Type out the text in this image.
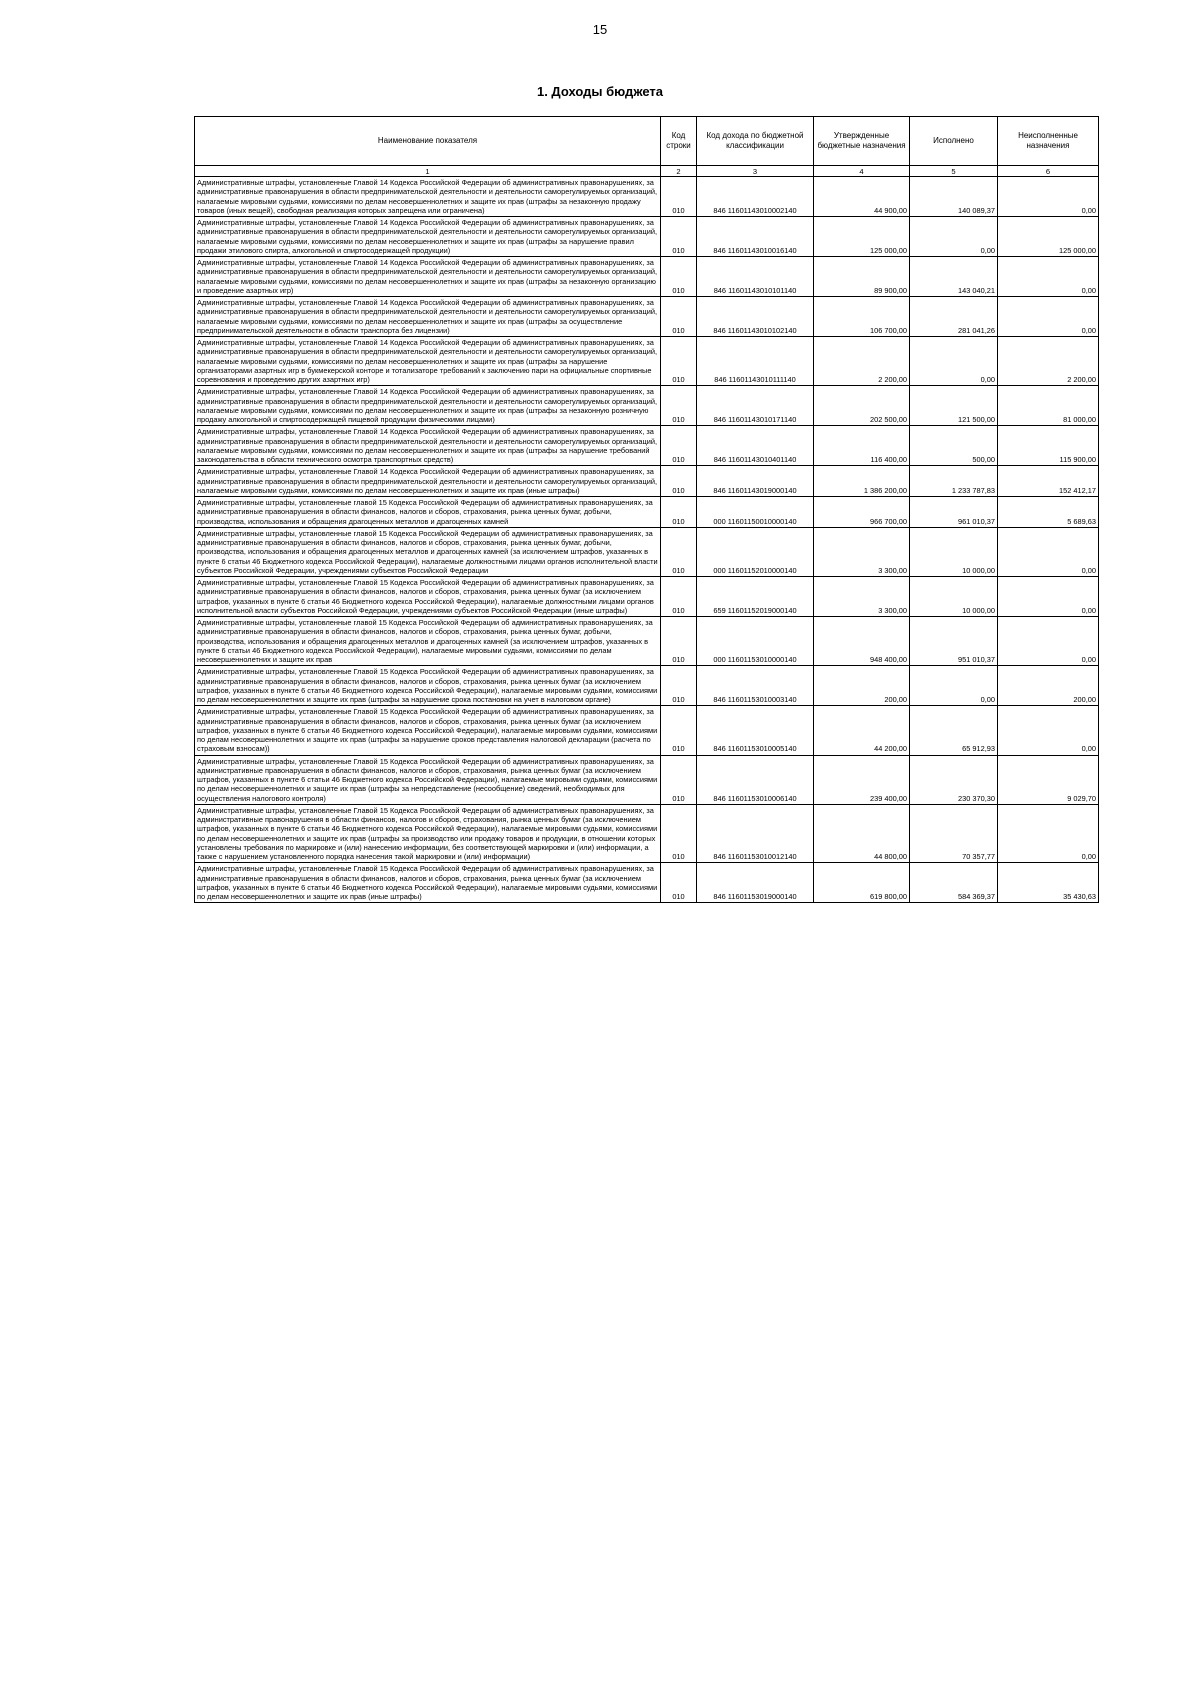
15
1. Доходы бюджета
Наименование показателя	Код строки	Код дохода по бюджетной классификации	Утвержденные бюджетные назначения	Исполнено	Неисполненные назначения
1	2	3	4	5	6
Административные штрафы, установленные Главой 14 Кодекса Российской Федерации об административных правонарушениях, за административные правонарушения в области предпринимательской деятельности и деятельности саморегулируемых организаций, налагаемые мировыми судьями, комиссиями по делам несовершеннолетних и защите их прав (штрафы за незаконную продажу товаров (иных вещей), свободная реализация которых запрещена или ограничена)	010	846 11601143010002140	44 900,00	140 089,37	0,00
Административные штрафы, установленные Главой 14 Кодекса Российской Федерации об административных правонарушениях, за административные правонарушения в области предпринимательской деятельности и деятельности саморегулируемых организаций, налагаемые мировыми судьями, комиссиями по делам несовершеннолетних и защите их прав (штрафы за нарушение правил продажи этилового спирта, алкогольной и спиртосодержащей продукции)	010	846 11601143010016140	125 000,00	0,00	125 000,00
Административные штрафы, установленные Главой 14 Кодекса Российской Федерации об административных правонарушениях, за административные правонарушения в области предпринимательской деятельности и деятельности саморегулируемых организаций, налагаемые мировыми судьями, комиссиями по делам несовершеннолетних и защите их прав (штрафы за незаконную организацию и проведение азартных игр)	010	846 11601143010101140	89 900,00	143 040,21	0,00
Административные штрафы, установленные Главой 14 Кодекса Российской Федерации об административных правонарушениях, за административные правонарушения в области предпринимательской деятельности и деятельности саморегулируемых организаций, налагаемые мировыми судьями, комиссиями по делам несовершеннолетних и защите их прав (штрафы за осуществление предпринимательской деятельности в области транспорта без лицензии)	010	846 11601143010102140	106 700,00	281 041,26	0,00
Административные штрафы, установленные Главой 14 Кодекса Российской Федерации об административных правонарушениях, за административные правонарушения в области предпринимательской деятельности и деятельности саморегулируемых организаций, налагаемые мировыми судьями, комиссиями по делам несовершеннолетних и защите их прав (штрафы за нарушение организаторами азартных игр в букмекерской конторе и тотализаторе требований к заключению пари на официальные спортивные соревнования и проведению других азартных игр)	010	846 11601143010111140	2 200,00	0,00	2 200,00
Административные штрафы, установленные Главой 14 Кодекса Российской Федерации об административных правонарушениях, за административные правонарушения в области предпринимательской деятельности и деятельности саморегулируемых организаций, налагаемые мировыми судьями, комиссиями по делам несовершеннолетних и защите их прав (штрафы за незаконную розничную продажу алкогольной и спиртосодержащей пищевой продукции физическими лицами)	010	846 11601143010171140	202 500,00	121 500,00	81 000,00
Административные штрафы, установленные Главой 14 Кодекса Российской Федерации об административных правонарушениях, за административные правонарушения в области предпринимательской деятельности и деятельности саморегулируемых организаций, налагаемые мировыми судьями, комиссиями по делам несовершеннолетних и защите их прав (штрафы за нарушение требований законодательства в области технического осмотра транспортных средств)	010	846 11601143010401140	116 400,00	500,00	115 900,00
Административные штрафы, установленные Главой 14 Кодекса Российской Федерации об административных правонарушениях, за административные правонарушения в области предпринимательской деятельности и деятельности саморегулируемых организаций, налагаемые мировыми судьями, комиссиями по делам несовершеннолетних и защите их прав (иные штрафы)	010	846 11601143019000140	1 386 200,00	1 233 787,83	152 412,17
Административные штрафы, установленные главой 15 Кодекса Российской Федерации об административных правонарушениях, за административные правонарушения в области финансов, налогов и сборов, страхования, рынка ценных бумаг, добычи, производства, использования и обращения драгоценных металлов и драгоценных камней	010	000 11601150010000140	966 700,00	961 010,37	5 689,63
Административные штрафы, установленные главой 15 Кодекса Российской Федерации об административных правонарушениях, за административные правонарушения в области финансов, налогов и сборов, страхования, рынка ценных бумаг, добычи, производства, использования и обращения драгоценных металлов и драгоценных камней (за исключением штрафов, указанных в пункте 6 статьи 46 Бюджетного кодекса Российской Федерации), налагаемые должностными лицами органов исполнительной власти субъектов Российской Федерации, учреждениями субъектов Российской Федерации	010	000 11601152010000140	3 300,00	10 000,00	0,00
Административные штрафы, установленные Главой 15 Кодекса Российской Федерации об административных правонарушениях, за административные правонарушения в области финансов, налогов и сборов, страхования, рынка ценных бумаг (за исключением штрафов, указанных в пункте 6 статьи 46 Бюджетного кодекса Российской Федерации), налагаемые должностными лицами органов исполнительной власти субъектов Российской Федерации, учреждениями субъектов Российской Федерации (иные штрафы)	010	659 11601152019000140	3 300,00	10 000,00	0,00
Административные штрафы, установленные главой 15 Кодекса Российской Федерации об административных правонарушениях, за административные правонарушения в области финансов, налогов и сборов, страхования, рынка ценных бумаг, добычи, производства, использования и обращения драгоценных металлов и драгоценных камней (за исключением штрафов, указанных в пункте 6 статьи 46 Бюджетного кодекса Российской Федерации), налагаемые мировыми судьями, комиссиями по делам несовершеннолетних и защите их прав	010	000 11601153010000140	948 400,00	951 010,37	0,00
Административные штрафы, установленные Главой 15 Кодекса Российской Федерации об административных правонарушениях, за административные правонарушения в области финансов, налогов и сборов, страхования, рынка ценных бумаг (за исключением штрафов, указанных в пункте 6 статьи 46 Бюджетного кодекса Российской Федерации), налагаемые мировыми судьями, комиссиями по делам несовершеннолетних и защите их прав (штрафы за нарушение срока постановки на учет в налоговом органе)	010	846 11601153010003140	200,00	0,00	200,00
Административные штрафы, установленные Главой 15 Кодекса Российской Федерации об административных правонарушениях, за административные правонарушения в области финансов, налогов и сборов, страхования, рынка ценных бумаг (за исключением штрафов, указанных в пункте 6 статьи 46 Бюджетного кодекса Российской Федерации), налагаемые мировыми судьями, комиссиями по делам несовершеннолетних и защите их прав (штрафы за нарушение сроков представления налоговой декларации (расчета по страховым взносам))	010	846 11601153010005140	44 200,00	65 912,93	0,00
Административные штрафы, установленные Главой 15 Кодекса Российской Федерации об административных правонарушениях, за административные правонарушения в области финансов, налогов и сборов, страхования, рынка ценных бумаг (за исключением штрафов, указанных в пункте 6 статьи 46 Бюджетного кодекса Российской Федерации), налагаемые мировыми судьями, комиссиями по делам несовершеннолетних и защите их прав (штрафы за непредставление (несообщение) сведений, необходимых для осуществления налогового контроля)	010	846 11601153010006140	239 400,00	230 370,30	9 029,70
Административные штрафы, установленные Главой 15 Кодекса Российской Федерации об административных правонарушениях, за административные правонарушения в области финансов, налогов и сборов, страхования, рынка ценных бумаг (за исключением штрафов, указанных в пункте 6 статьи 46 Бюджетного кодекса Российской Федерации), налагаемые мировыми судьями, комиссиями по делам несовершеннолетних и защите их прав (штрафы за производство или продажу товаров и продукции, в отношении которых установлены требования по маркировке и (или) нанесению информации, без соответствующей маркировки и (или) информации, а также с нарушением установленного порядка нанесения такой маркировки и (или) информации)	010	846 11601153010012140	44 800,00	70 357,77	0,00
Административные штрафы, установленные Главой 15 Кодекса Российской Федерации об административных правонарушениях, за административные правонарушения в области финансов, налогов и сборов, страхования, рынка ценных бумаг (за исключением штрафов, указанных в пункте 6 статьи 46 Бюджетного кодекса Российской Федерации), налагаемые мировыми судьями, комиссиями по делам несовершеннолетних и защите их прав (иные штрафы)	010	846 11601153019000140	619 800,00	584 369,37	35 430,63
